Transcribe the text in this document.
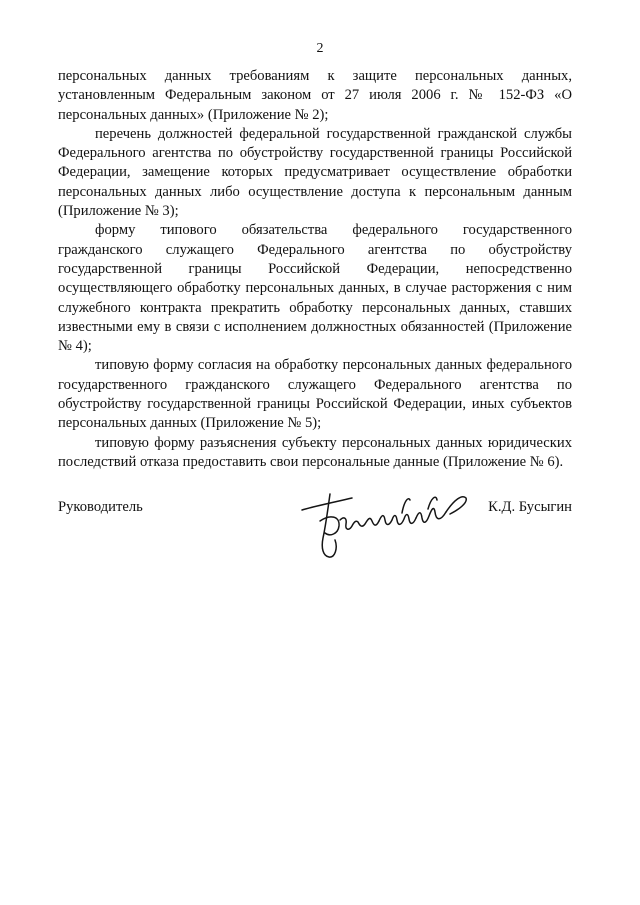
2

персональных данных требованиям к защите персональных данных, установленным Федеральным законом от 27 июля 2006 г. № 152-ФЗ «О персональных данных» (Приложение № 2);

перечень должностей федеральной государственной гражданской службы Федерального агентства по обустройству государственной границы Российской Федерации, замещение которых предусматривает осуществление обработки персональных данных либо осуществление доступа к персональным данным (Приложение № 3);

форму типового обязательства федерального государственного гражданского служащего Федерального агентства по обустройству государственной границы Российской Федерации, непосредственно осуществляющего обработку персональных данных, в случае расторжения с ним служебного контракта прекратить обработку персональных данных, ставших известными ему в связи с исполнением должностных обязанностей (Приложение № 4);

типовую форму согласия на обработку персональных данных федерального государственного гражданского служащего Федерального агентства по обустройству государственной границы Российской Федерации, иных субъектов персональных данных (Приложение № 5);

типовую форму разъяснения субъекту персональных данных юридических последствий отказа предоставить свои персональные данные (Приложение № 6).

Руководитель	К.Д. Бусыгин
